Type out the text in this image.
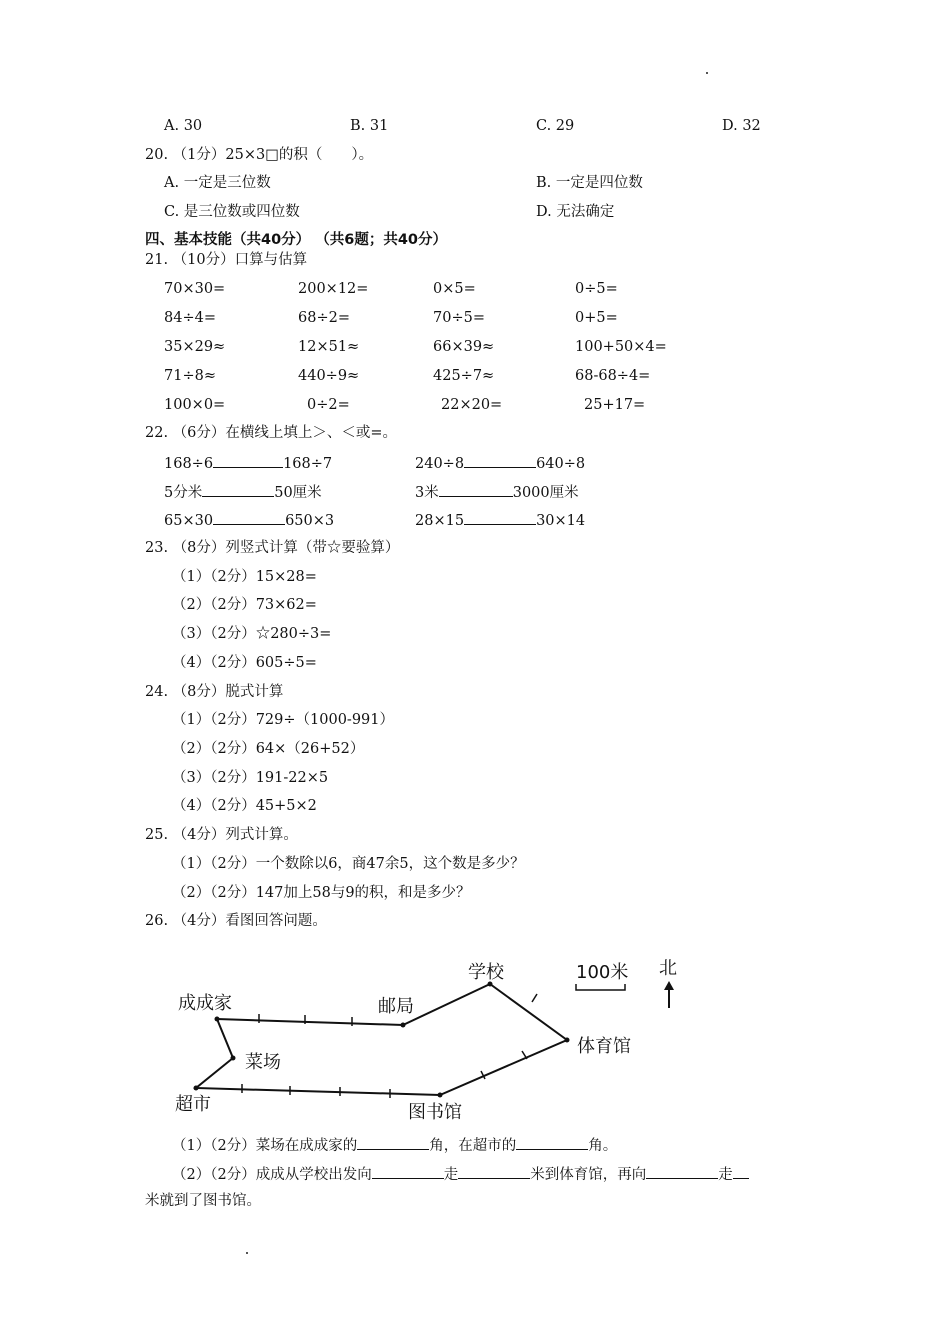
A. 30	B. 31	C. 29	D. 32
20. （1分）25×3□的积（　　）。
A. 一定是三位数	B. 一定是四位数
C. 是三位数或四位数	D. 无法确定
四、基本技能（共40分） （共6题；共40分）
21. （10分）口算与估算
70×30=	200×12=	0×5=	0÷5=
84÷4=	68÷2=	70÷5=	0+5=
35×29≈	12×51≈	66×39≈	100+50×4=
71÷8≈	440÷9≈	425÷7≈	68-68÷4=
100×0=	0÷2=	22×20=	25+17=
22. （6分）在横线上填上＞、＜或=。
168÷6	168÷7	240÷8	640÷8
5分米	50厘米	3米	3000厘米
65×30	650×3	28×15	30×14
23. （8分）列竖式计算（带☆要验算）
（1）（2分）15×28=
（2）（2分）73×62=
（3）（2分）☆280÷3=
（4）（2分）605÷5=
24. （8分）脱式计算
（1）（2分）729÷（1000-991）
（2）（2分）64×（26+52）
（3）（2分）191-22×5
（4）（2分）45+5×2
25. （4分）列式计算。
（1）（2分）一个数除以6，商47余5，这个数是多少？
（2）（2分）147加上58与9的积，和是多少？
26. （4分）看图回答问题。
成成家
菜场
超市
邮局
学校
体育馆
图书馆
100米 北
（1）（2分）菜场在成成家的	角，在超市的	角。
（2）（2分）成成从学校出发向	走	米到体育馆，再向	走
米就到了图书馆。
